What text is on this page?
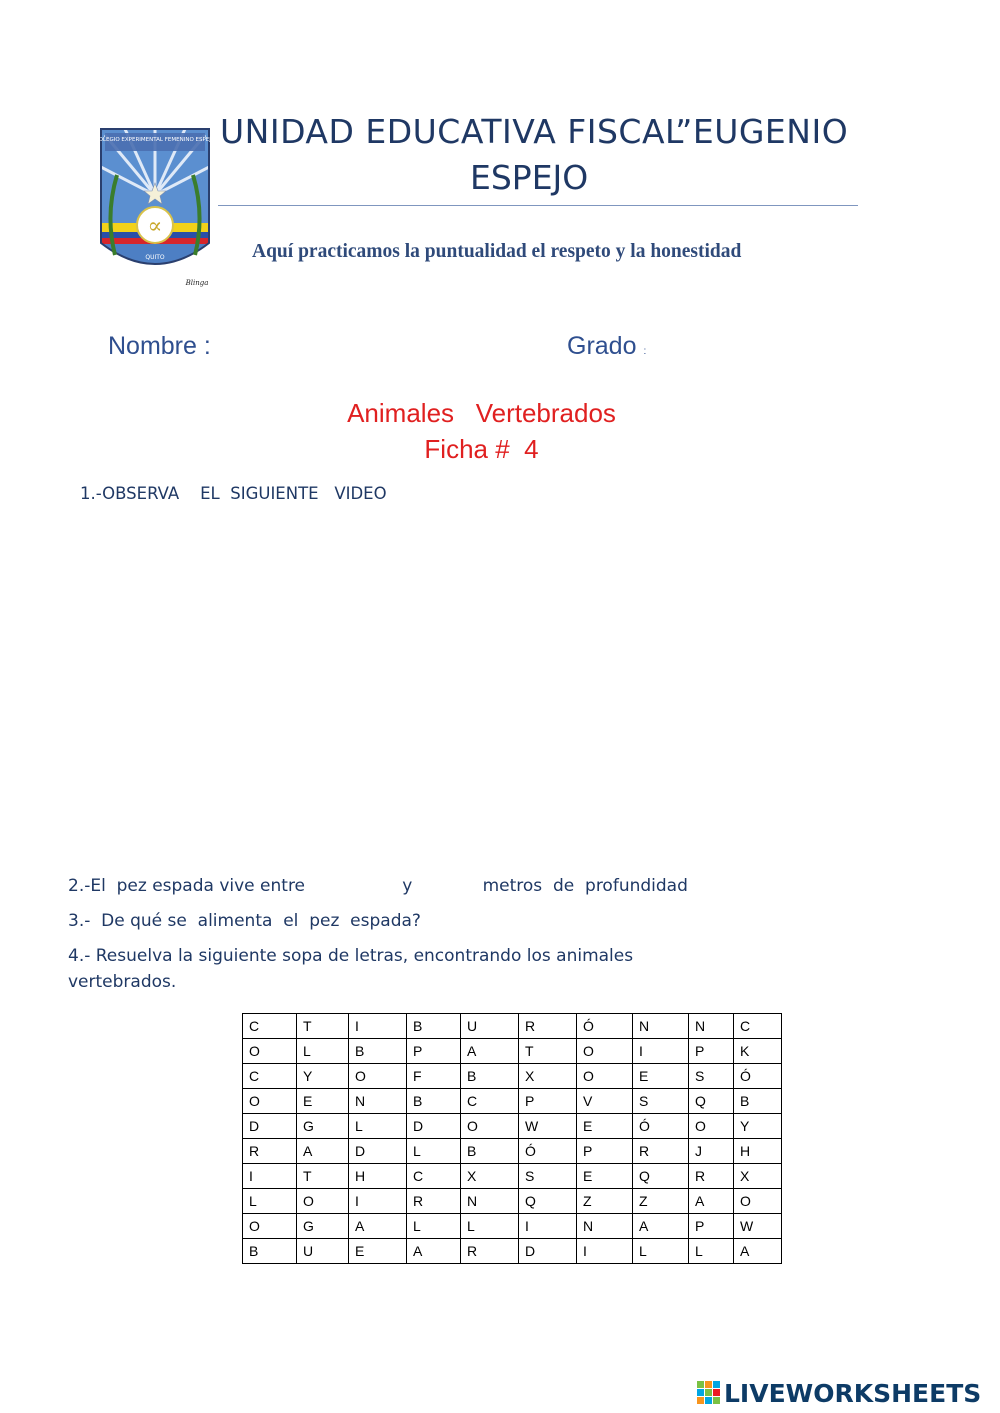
COLEGIO EXPERIMENTAL FEMENINO ESPEJO
∝
QUITO
Blinga
UNIDAD EDUCATIVA FISCAL”EUGENIO
ESPEJO
Aquí practicamos la puntualidad el respeto y la honestidad
Nombre :	Grado :
Animales   Vertebrados
Ficha #  4
1.-OBSERVA    EL  SIGUIENTE   VIDEO
2.-El  pez espada vive entre                  y             metros  de  profundidad
3.-  De qué se  alimenta  el  pez  espada?
4.- Resuelva la siguiente sopa de letras, encontrando los animales vertebrados.
C	T	I	B	U	R	Ó	N	N	C
O	L	B	P	A	T	O	I	P	K
C	Y	O	F	B	X	O	E	S	Ó
O	E	N	B	C	P	V	S	Q	B
D	G	L	D	O	W	E	Ó	O	Y
R	A	D	L	B	Ó	P	R	J	H
I	T	H	C	X	S	E	Q	R	X
L	O	I	R	N	Q	Z	Z	A	O
O	G	A	L	L	I	N	A	P	W
B	U	E	A	R	D	I	L	L	A
LIVEWORKSHEETS
